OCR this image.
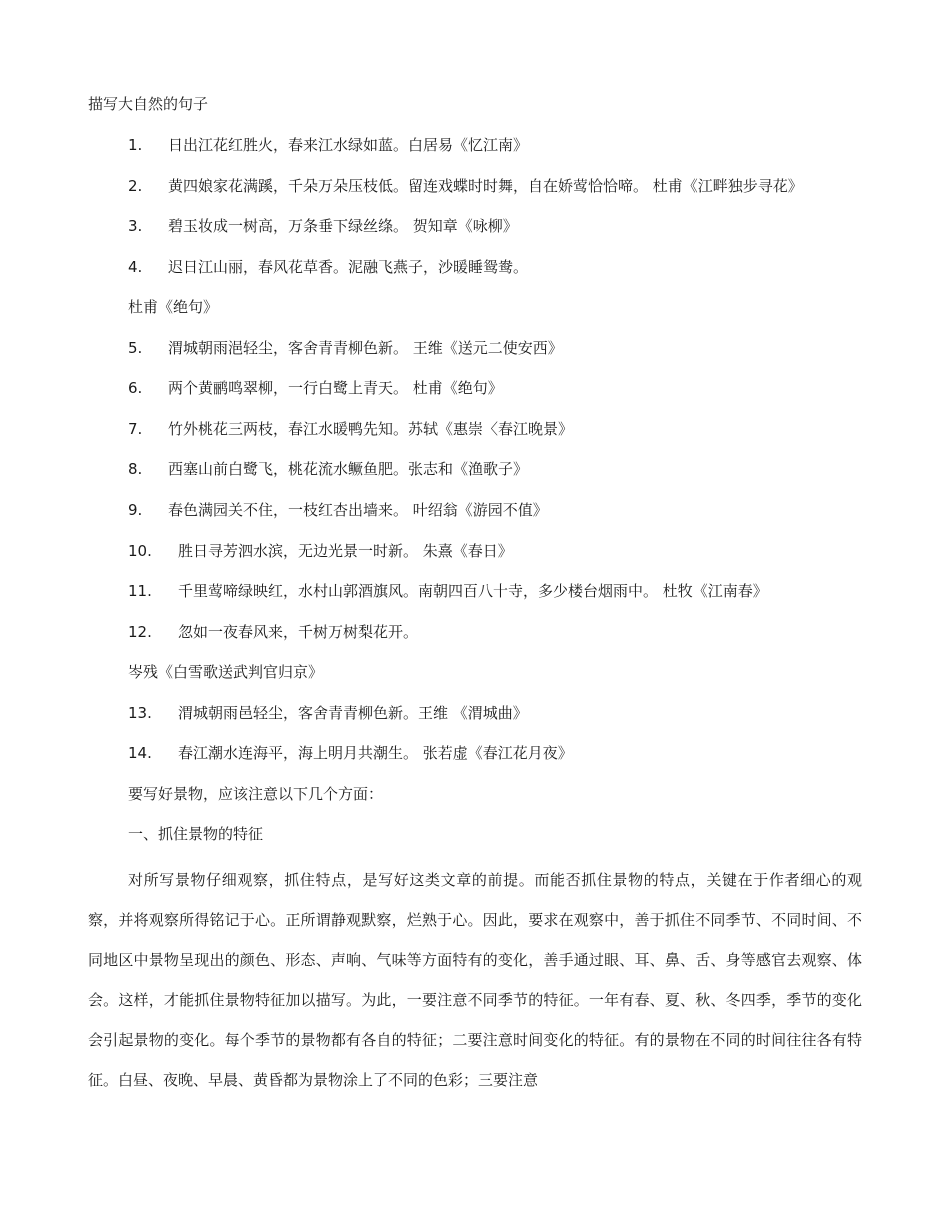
描写大自然的句子
1. 日出江花红胜火，春来江水绿如蓝。白居易《忆江南》
2. 黄四娘家花满蹊，千朵万朵压枝低。留连戏蝶时时舞，自在娇莺恰恰啼。 杜甫《江畔独步寻花》
3. 碧玉妆成一树高，万条垂下绿丝绦。 贺知章《咏柳》
4. 迟日江山丽，春风花草香。泥融飞燕子，沙暖睡鸳鸯。
杜甫《绝句》
5. 渭城朝雨浥轻尘，客舍青青柳色新。 王维《送元二使安西》
6. 两个黄鹂鸣翠柳，一行白鹭上青天。 杜甫《绝句》
7. 竹外桃花三两枝，春江水暖鸭先知。苏轼《惠崇〈春江晚景》
8. 西塞山前白鹭飞，桃花流水鳜鱼肥。张志和《渔歌子》
9. 春色满园关不住，一枝红杏出墙来。 叶绍翁《游园不值》
10. 胜日寻芳泗水滨，无边光景一时新。 朱熹《春日》
11. 千里莺啼绿映红，水村山郭酒旗风。南朝四百八十寺，多少楼台烟雨中。 杜牧《江南春》
12. 忽如一夜春风来，千树万树梨花开。
岑残《白雪歌送武判官归京》
13. 渭城朝雨邑轻尘，客舍青青柳色新。王维 《渭城曲》
14. 春江潮水连海平，海上明月共潮生。 张若虚《春江花月夜》
要写好景物，应该注意以下几个方面：
一、抓住景物的特征
对所写景物仔细观察，抓住特点，是写好这类文章的前提。而能否抓住景物的特点，关键在于作者细心的观察，并将观察所得铭记于心。正所谓静观默察，烂熟于心。因此，要求在观察中，善于抓住不同季节、不同时间、不同地区中景物呈现出的颜色、形态、声响、气味等方面特有的变化，善手通过眼、耳、鼻、舌、身等感官去观察、体会。这样，才能抓住景物特征加以描写。为此，一要注意不同季节的特征。一年有春、夏、秋、冬四季，季节的变化会引起景物的变化。每个季节的景物都有各自的特征；二要注意时间变化的特征。有的景物在不同的时间往往各有特征。白昼、夜晚、早晨、黄昏都为景物涂上了不同的色彩；三要注意
